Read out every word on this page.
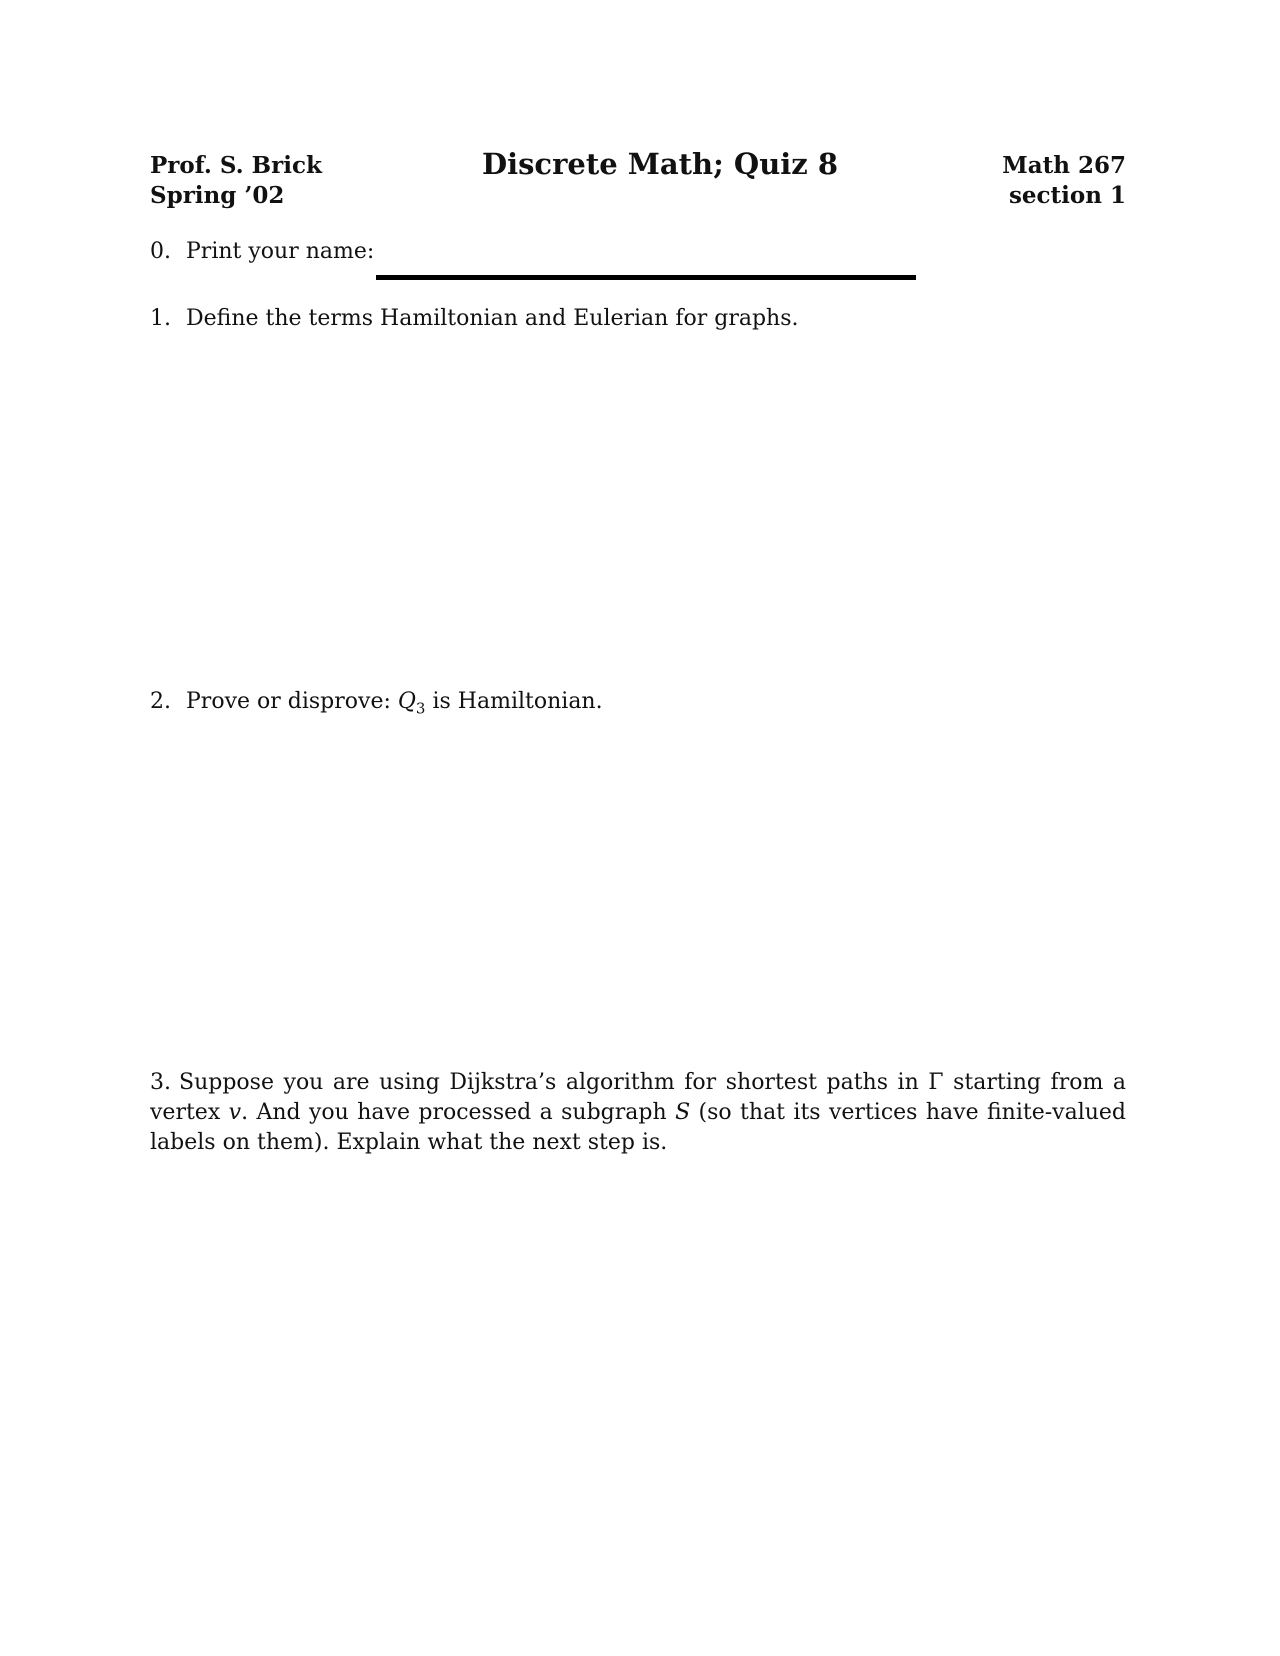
Prof. S. Brick
Spring ’02
Discrete Math; Quiz 8	Math 267
section 1
0. Print your name:
1. Define the terms Hamiltonian and Eulerian for graphs.
2. Prove or disprove: $Q_3$ is Hamiltonian.
3. Suppose you are using Dijkstra’s algorithm for shortest paths in Γ starting from a vertex v. And you have processed a subgraph S (so that its vertices have finite-valued labels on them). Explain what the next step is.
